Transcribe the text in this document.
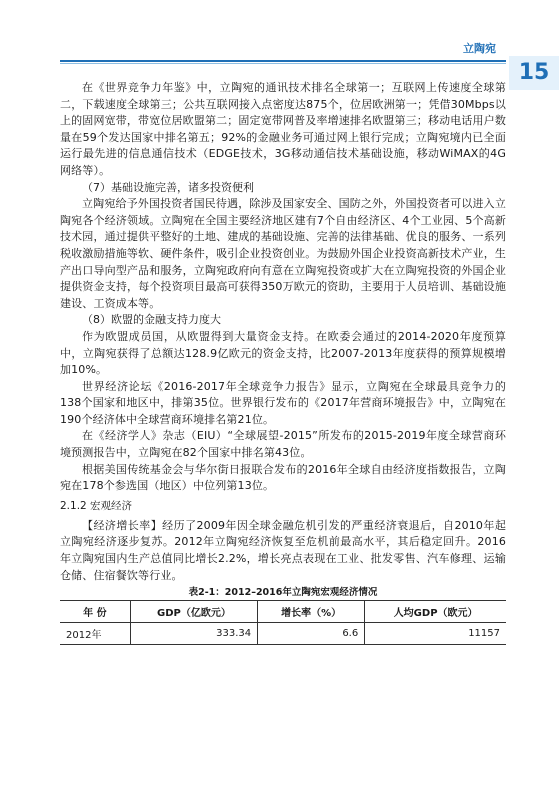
立陶宛
15

在《世界竞争力年鉴》中，立陶宛的通讯技术排名全球第一；互联网上传速度全球第二，下载速度全球第三；公共互联网接入点密度达875个，位居欧洲第一；凭借30Mbps以上的固网宽带，带宽位居欧盟第二；固定宽带网普及率增速排名欧盟第三；移动电话用户数量在59个发达国家中排名第五；92%的金融业务可通过网上银行完成；立陶宛境内已全面运行最先进的信息通信技术（EDGE技术，3G移动通信技术基础设施，移动WiMAX的4G网络等）。

（7）基础设施完善，诸多投资便利

立陶宛给予外国投资者国民待遇，除涉及国家安全、国防之外，外国投资者可以进入立陶宛各个经济领域。立陶宛在全国主要经济地区建有7个自由经济区、4个工业园、5个高新技术园，通过提供平整好的土地、建成的基础设施、完善的法律基础、优良的服务、一系列税收激励措施等软、硬件条件，吸引企业投资创业。为鼓励外国企业投资高新技术产业，生产出口导向型产品和服务，立陶宛政府向有意在立陶宛投资或扩大在立陶宛投资的外国企业提供资金支持，每个投资项目最高可获得350万欧元的资助，主要用于人员培训、基础设施建设、工资成本等。

（8）欧盟的金融支持力度大

作为欧盟成员国，从欧盟得到大量资金支持。在欧委会通过的2014-2020年度预算中，立陶宛获得了总额达128.9亿欧元的资金支持，比2007-2013年度获得的预算规模增加10%。

世界经济论坛《2016-2017年全球竞争力报告》显示，立陶宛在全球最具竞争力的138个国家和地区中，排第35位。世界银行发布的《2017年营商环境报告》中，立陶宛在190个经济体中全球营商环境排名第21位。

在《经济学人》杂志（EIU）“全球展望-2015”所发布的2015-2019年度全球营商环境预测报告中，立陶宛在82个国家中排名第43位。

根据美国传统基金会与华尔街日报联合发布的2016年全球自由经济度指数报告，立陶宛在178个参选国（地区）中位列第13位。

2.1.2 宏观经济

【经济增长率】经历了2009年因全球金融危机引发的严重经济衰退后，自2010年起立陶宛经济逐步复苏。2012年立陶宛经济恢复至危机前最高水平，其后稳定回升。2016年立陶宛国内生产总值同比增长2.2%，增长亮点表现在工业、批发零售、汽车修理、运输仓储、住宿餐饮等行业。

表2-1：2012–2016年立陶宛宏观经济情况
年 份	GDP（亿欧元）	增长率（%）	人均GDP（欧元）
2012年	333.34	6.6	11157
